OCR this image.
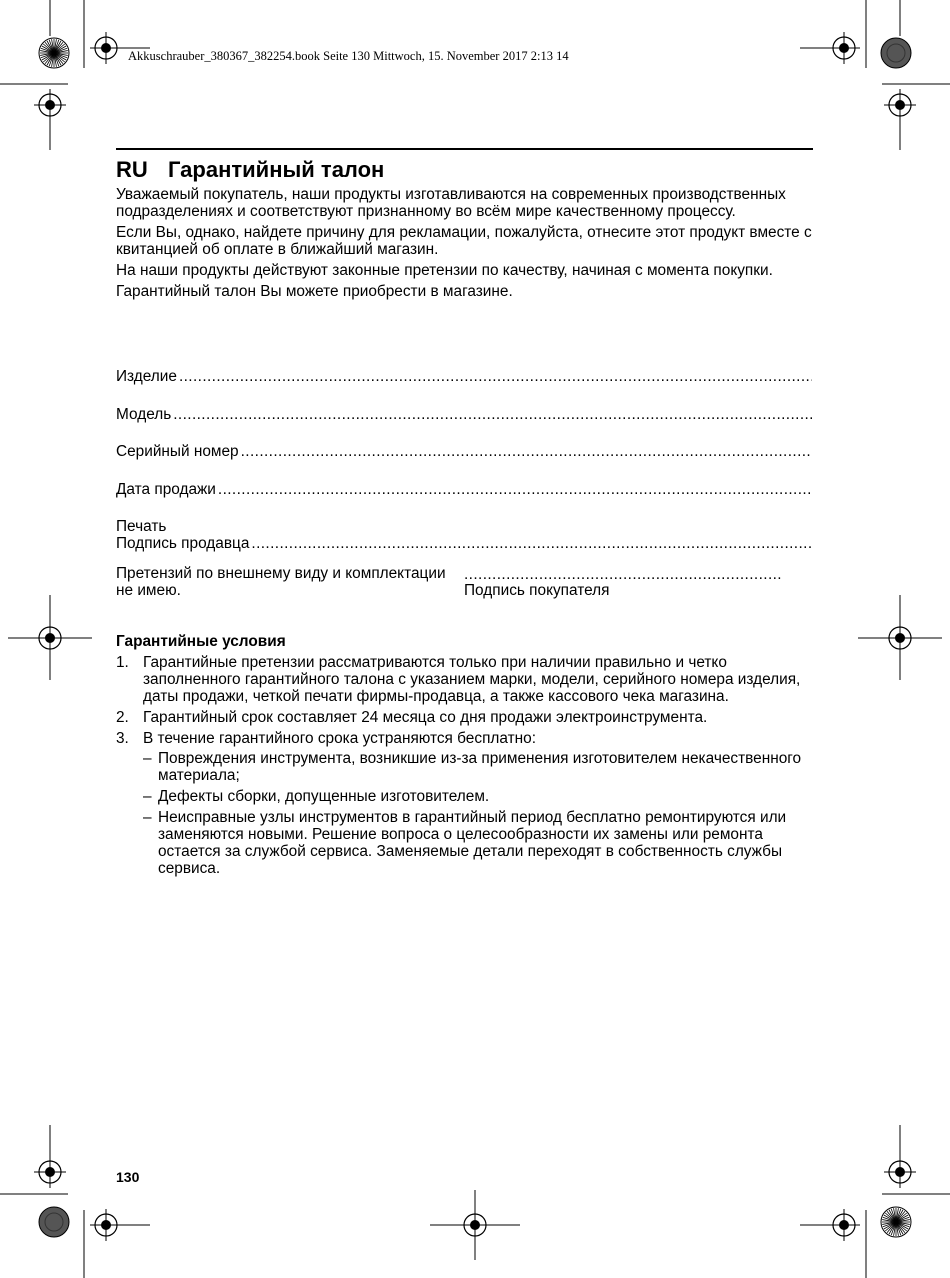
Akkuschrauber_380367_382254.book Seite 130 Mittwoch, 15. November 2017 2:13 14
RU Гарантийный талон

Уважаемый покупатель, наши продукты изготавливаются на современных производственных подразделениях и соответствуют признанному во всём мире качественному процессу.

Если Вы, однако, найдете причину для рекламации, пожалуйста, отнесите этот продукт вместе с квитанцией об оплате в ближайший магазин.

На наши продукты действуют законные претензии по качеству, начиная с момента покупки.

Гарантийный талон Вы можете приобрести в магазине.

Изделие
.....
Модель
.....
Серийный номер
.....
Дата продажи
.....
Печать
Подпись продавца
.....
Претензий по внешнему виду и комплектации не имею.
.....	Подпись покупателя
Гарантийные условия
1. Гарантийные претензии рассматриваются только при наличии правильно и четко заполненного гарантийного талона с указанием марки, модели, серийного номера изделия, даты продажи, четкой печати фирмы-продавца, а также кассового чека магазина.
2. Гарантийный срок составляет 24 месяца со дня продажи электроинструмента.
3. В течение гарантийного срока устраняются бесплатно:
– Повреждения инструмента, возникшие из-за применения изготовителем некачественного материала;
– Дефекты сборки, допущенные изготовителем.
– Неисправные узлы инструментов в гарантийный период бесплатно ремонтируются или заменяются новыми. Решение вопроса о целесообразности их замены или ремонта остается за службой сервиса. Заменяемые детали переходят в собственность службы сервиса.
130
